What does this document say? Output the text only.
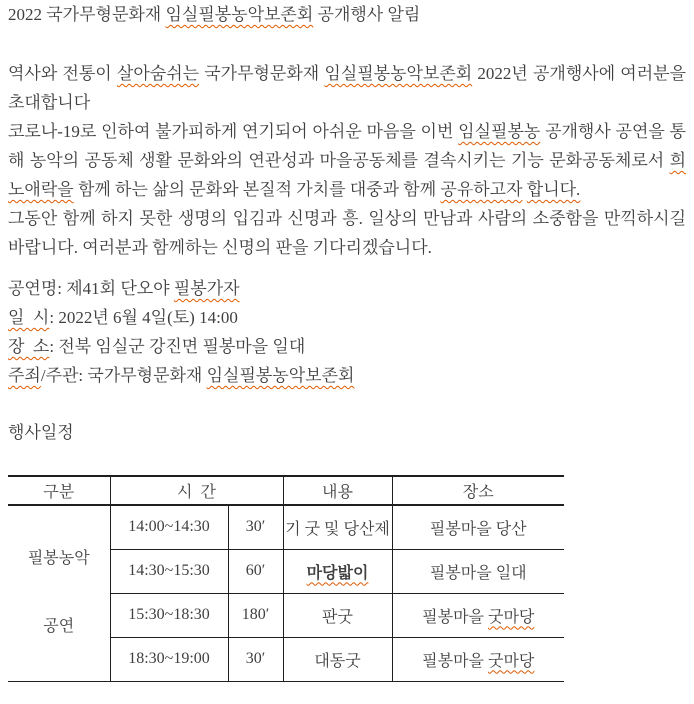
2022 국가무형문화재 임실필봉농악보존회 공개행사 알림

역사와 전통이 살아숨쉬는 국가무형문화재 임실필봉농악보존회 2022년 공개행사에 여러분을 초대합니다

코로나-19로 인하여 불가피하게 연기되어 아쉬운 마음을 이번 임실필봉농 공개행사 공연을 통해 농악의 공동체 생활 문화와의 연관성과 마을공동체를 결속시키는 기능 문화공동체로서 희노애락을 함께 하는 삶의 문화와 본질적 가치를 대중과 함께 공유하고자 합니다.

그동안 함께 하지 못한 생명의 입김과 신명과 흥. 일상의 만남과 사람의 소중함을 만끽하시길 바랍니다. 여러분과 함께하는 신명의 판을 기다리겠습니다.

공연명: 제41회 단오야 필봉가자

일  시: 2022년 6월 4일(토) 14:00

장  소: 전북 임실군 강진면 필봉마을 일대

주죄/주관: 국가무형문화재 임실필봉농악보존회

행사일정

구분	시  간		내용	장소

필봉농악

공연	14:00~14:30	30′	기 굿 및 당산제	필봉마을 당산
	14:30~15:30	60′	마당밟이	필봉마을 일대
	15:30~18:30	180′	판굿	필봉마을 굿마당
	18:30~19:00	30′	대동굿	필봉마을 굿마당
